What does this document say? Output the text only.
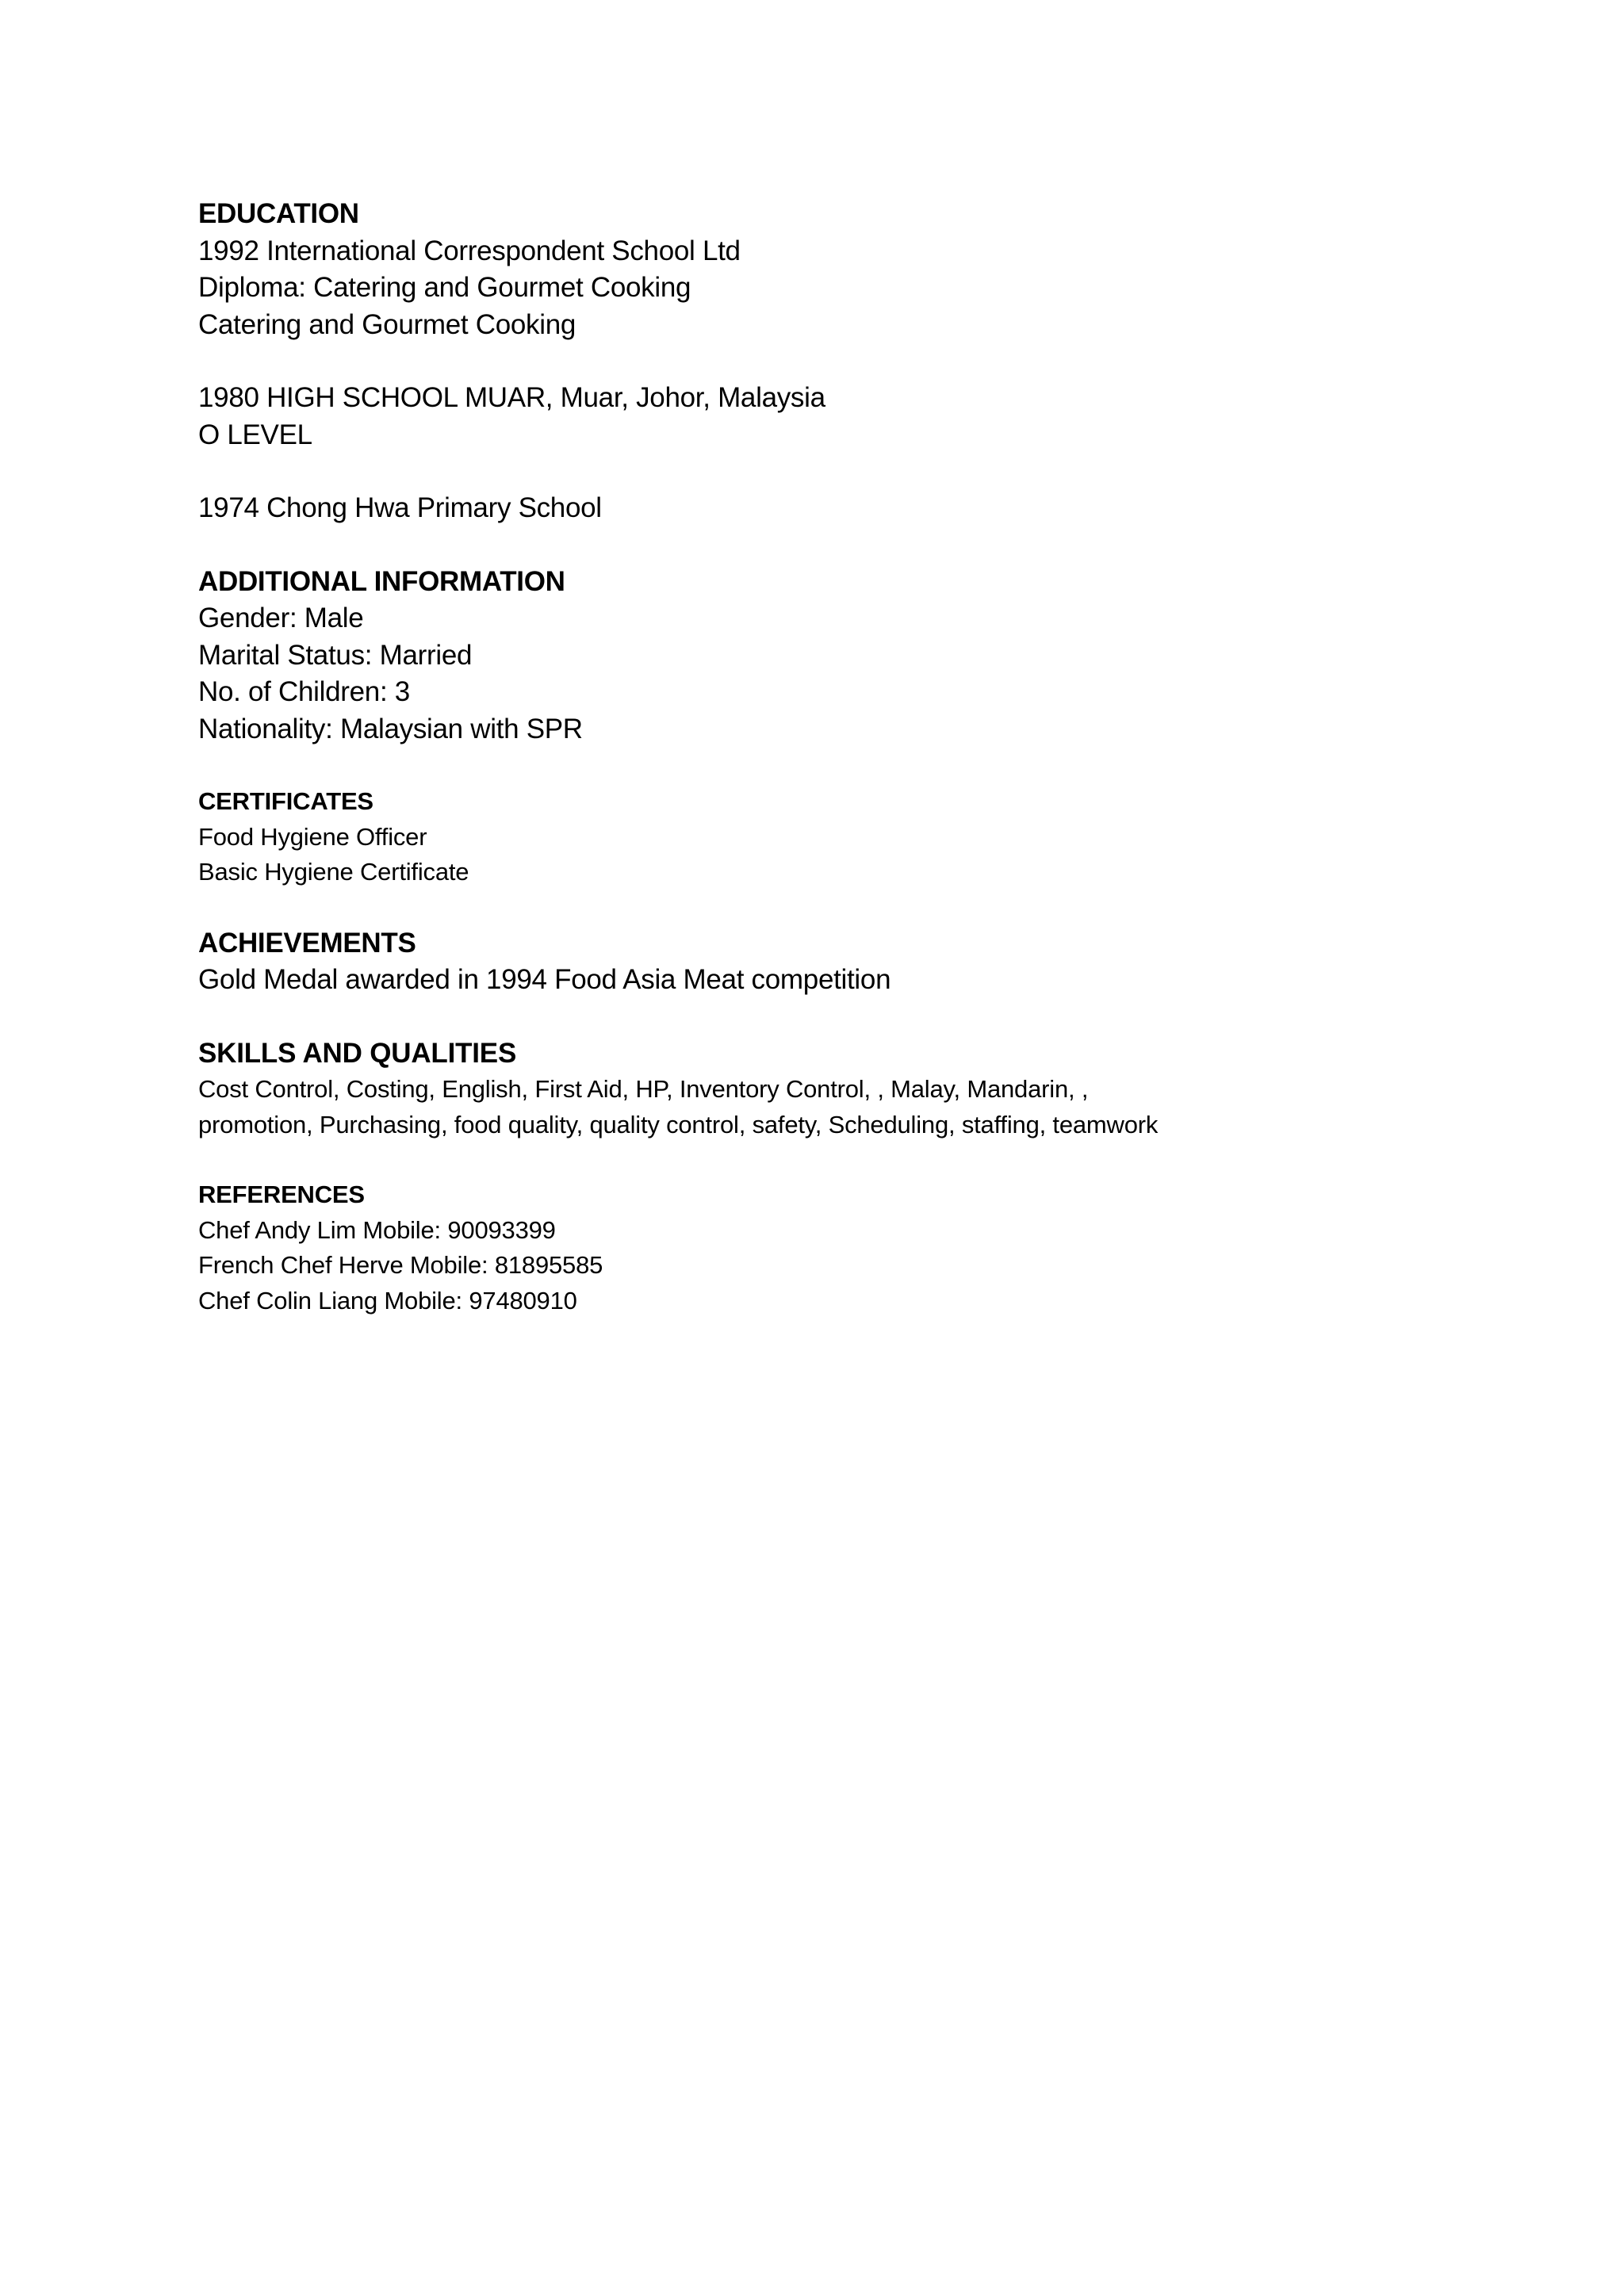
EDUCATION
1992 International Correspondent School Ltd
Diploma: Catering and Gourmet Cooking
Catering and Gourmet Cooking
1980 HIGH SCHOOL MUAR, Muar, Johor, Malaysia
O LEVEL
1974 Chong Hwa Primary School
ADDITIONAL INFORMATION
Gender: Male
Marital Status: Married
No. of Children: 3
Nationality: Malaysian with SPR
CERTIFICATES
Food Hygiene Officer
Basic Hygiene Certificate
ACHIEVEMENTS
Gold Medal awarded in 1994 Food Asia Meat competition
SKILLS AND QUALITIES
Cost Control, Costing, English, First Aid, HP, Inventory Control, , Malay, Mandarin, ,
promotion, Purchasing, food quality, quality control, safety, Scheduling, staffing, teamwork
REFERENCES
Chef Andy Lim Mobile: 90093399
French Chef Herve Mobile: 81895585
Chef Colin Liang Mobile: 97480910
